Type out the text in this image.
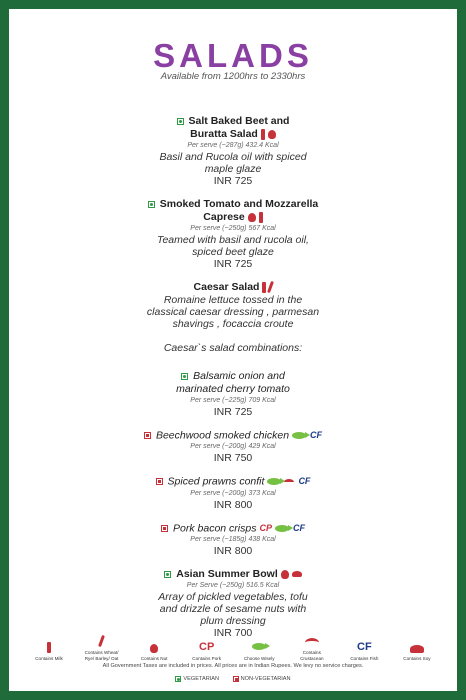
SALADS
Available from 1200hrs to 2330hrs
Salt Baked Beet and
Buratta Salad
Per serve (~287g) 432.4 Kcal
Basil and Rucola oil with spiced
maple glaze
INR 725
Smoked Tomato and Mozzarella
Caprese
Per serve (~250g) 567 Kcal
Teamed with basil and rucola oil,
spiced beet glaze
INR 725
Caesar Salad
Romaine lettuce tossed in the
classical caesar dressing , parmesan
shavings , focaccia croute
Caesar`s salad combinations:
Balsamic onion and
marinated cherry tomato
Per serve (~225g) 709 Kcal
INR 725
Beechwood smoked chicken CF
Per serve (~200g) 429 Kcal
INR 750
Spiced prawns confit	CF
Per serve (~200g) 373 Kcal
INR 800
Pork bacon crisps CP CF
Per serve (~185g) 438 Kcal
INR 800
Asian Summer Bowl
Per Serve (~250g) 516.5 Kcal
Array of pickled vegetables, tofu
and drizzle of sesame nuts with
plum dressing
INR 700
Contains Milk
Contains Wheat/ Rye/ Barley/ Oat	Contains Nut
CP
Contains Pork	Choose Wisely
Contains Crustacean
CF
Contains Fish	Contains Soy
All Government Taxes are included in prices. All prices are in Indian Rupees. We levy no service charges.
VEGETARIAN	NON-VEGETARIAN
